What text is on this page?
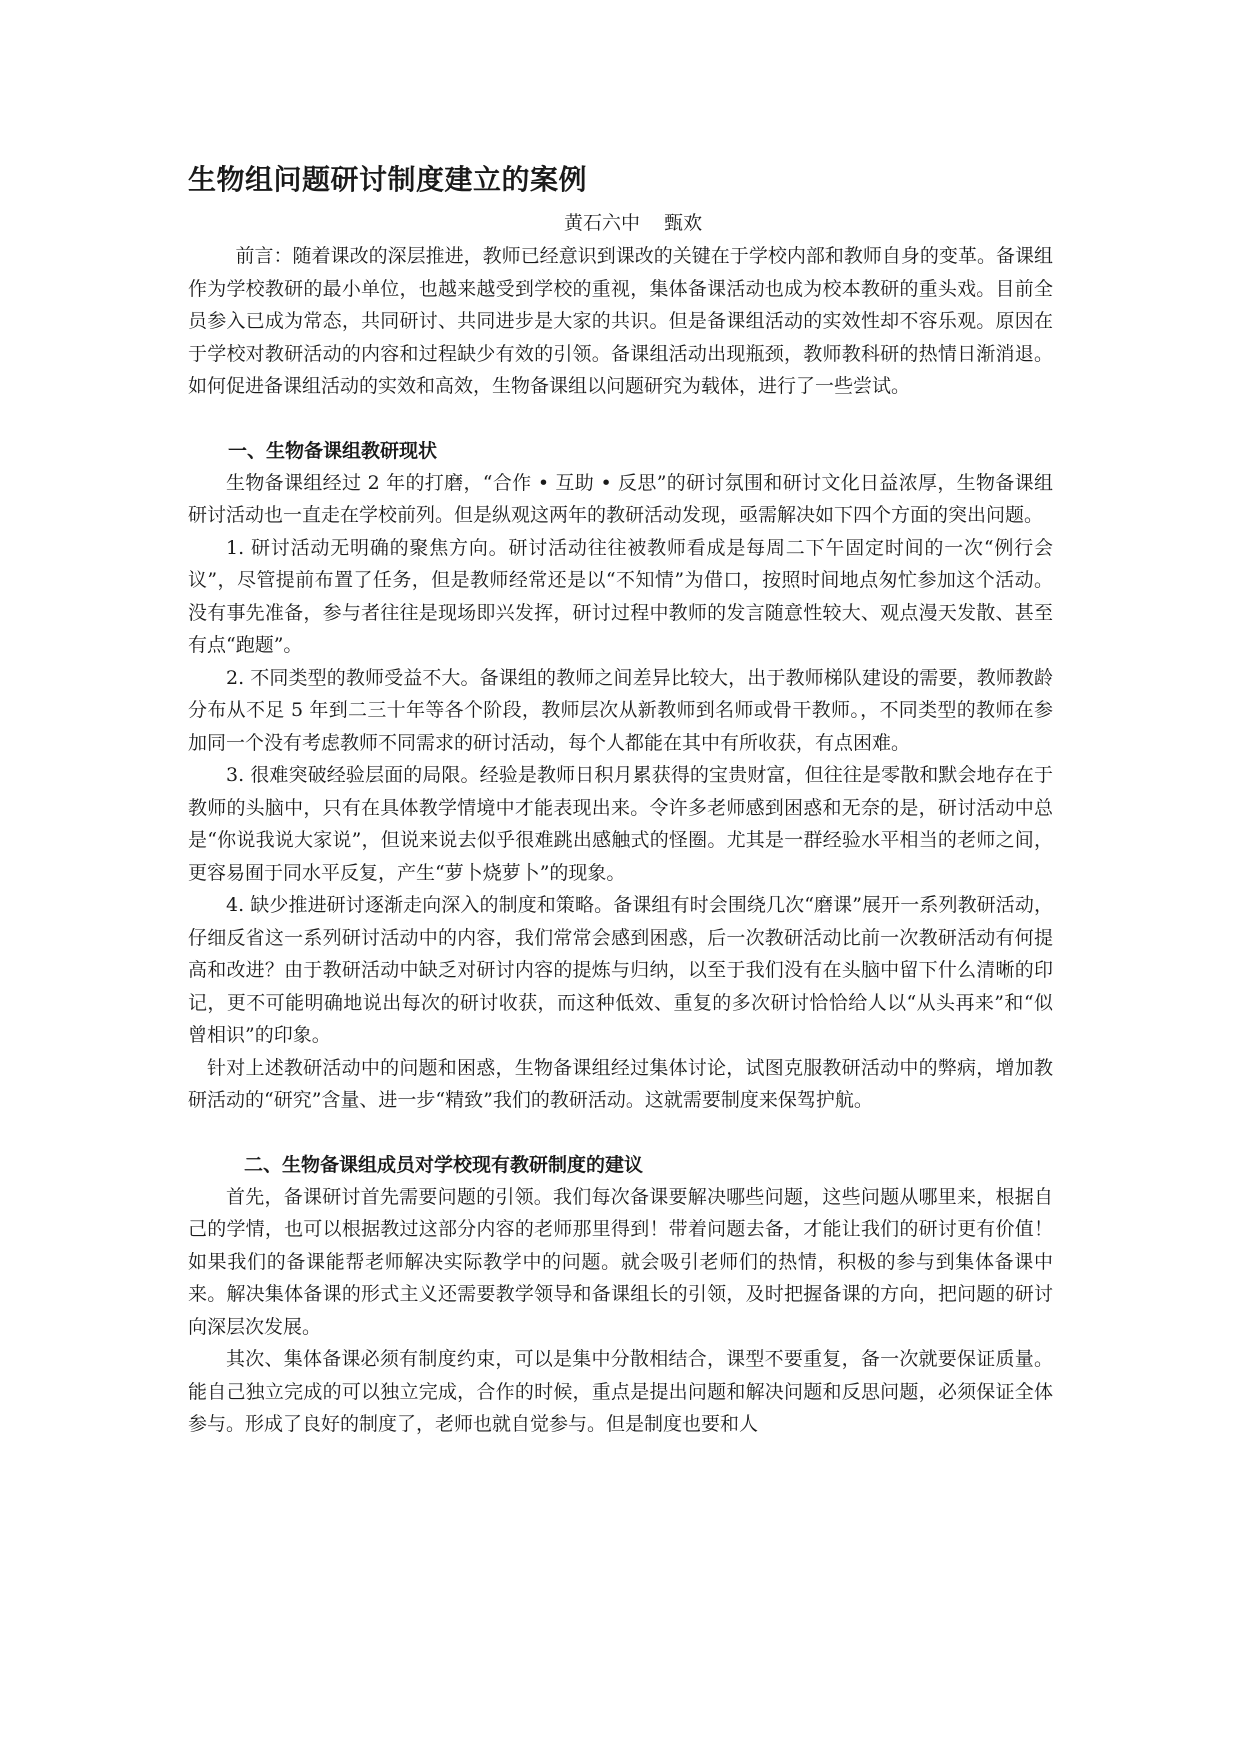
生物组问题研讨制度建立的案例
黄石六中    甄欢

前言：随着课改的深层推进，教师已经意识到课改的关键在于学校内部和教师自身的变革。备课组作为学校教研的最小单位，也越来越受到学校的重视，集体备课活动也成为校本教研的重头戏。目前全员参入已成为常态，共同研讨、共同进步是大家的共识。但是备课组活动的实效性却不容乐观。原因在于学校对教研活动的内容和过程缺少有效的引领。备课组活动出现瓶颈，教师教科研的热情日渐消退。如何促进备课组活动的实效和高效，生物备课组以问题研究为载体，进行了一些尝试。

一、生物备课组教研现状

生物备课组经过 2 年的打磨，“合作 • 互助 • 反思”的研讨氛围和研讨文化日益浓厚，生物备课组研讨活动也一直走在学校前列。但是纵观这两年的教研活动发现，亟需解决如下四个方面的突出问题。

1. 研讨活动无明确的聚焦方向。研讨活动往往被教师看成是每周二下午固定时间的一次“例行会议”，尽管提前布置了任务，但是教师经常还是以“不知情”为借口，按照时间地点匆忙参加这个活动。没有事先准备，参与者往往是现场即兴发挥，研讨过程中教师的发言随意性较大、观点漫天发散、甚至有点“跑题”。

2. 不同类型的教师受益不大。备课组的教师之间差异比较大，出于教师梯队建设的需要，教师教龄分布从不足 5 年到二三十年等各个阶段，教师层次从新教师到名师或骨干教师。，不同类型的教师在参加同一个没有考虑教师不同需求的研讨活动，每个人都能在其中有所收获，有点困难。

3. 很难突破经验层面的局限。经验是教师日积月累获得的宝贵财富，但往往是零散和默会地存在于教师的头脑中，只有在具体教学情境中才能表现出来。令许多老师感到困惑和无奈的是，研讨活动中总是“你说我说大家说”，但说来说去似乎很难跳出感触式的怪圈。尤其是一群经验水平相当的老师之间，更容易囿于同水平反复，产生“萝卜烧萝卜”的现象。

4. 缺少推进研讨逐渐走向深入的制度和策略。备课组有时会围绕几次“磨课”展开一系列教研活动，仔细反省这一系列研讨活动中的内容，我们常常会感到困惑，后一次教研活动比前一次教研活动有何提高和改进？由于教研活动中缺乏对研讨内容的提炼与归纳，以至于我们没有在头脑中留下什么清晰的印记，更不可能明确地说出每次的研讨收获，而这种低效、重复的多次研讨恰恰给人以“从头再来”和“似曾相识”的印象。

针对上述教研活动中的问题和困惑，生物备课组经过集体讨论，试图克服教研活动中的弊病，增加教研活动的“研究”含量、进一步“精致”我们的教研活动。这就需要制度来保驾护航。

二、生物备课组成员对学校现有教研制度的建议

首先，备课研讨首先需要问题的引领。我们每次备课要解决哪些问题，这些问题从哪里来，根据自己的学情，也可以根据教过这部分内容的老师那里得到！带着问题去备，才能让我们的研讨更有价值！如果我们的备课能帮老师解决实际教学中的问题。就会吸引老师们的热情，积极的参与到集体备课中来。解决集体备课的形式主义还需要教学领导和备课组长的引领，及时把握备课的方向，把问题的研讨向深层次发展。

其次、集体备课必须有制度约束，可以是集中分散相结合，课型不要重复，备一次就要保证质量。能自己独立完成的可以独立完成，合作的时候，重点是提出问题和解决问题和反思问题，必须保证全体参与。形成了良好的制度了，老师也就自觉参与。但是制度也要和人
